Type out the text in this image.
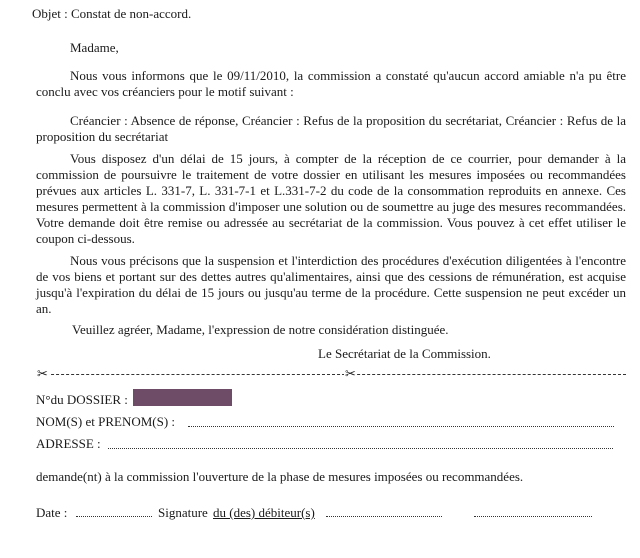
Objet : Constat de non-accord.

Madame,

Nous vous informons que le 09/11/2010, la commission a constaté qu'aucun accord amiable n'a pu être conclu avec vos créanciers pour le motif suivant :

Créancier : Absence de réponse, Créancier : Refus de la proposition du secrétariat, Créancier : Refus de la proposition du secrétariat

Vous disposez d'un délai de 15 jours, à compter de la réception de ce courrier, pour demander à la commission de poursuivre le traitement de votre dossier en utilisant les mesures imposées ou recommandées prévues aux articles L. 331-7, L. 331-7-1 et L.331-7-2 du code de la consommation reproduits en annexe. Ces mesures permettent à la commission d'imposer une solution ou de soumettre au juge des mesures recommandées. Votre demande doit être remise ou adressée au secrétariat de la commission. Vous pouvez à cet effet utiliser le coupon ci-dessous.

Nous vous précisons que la suspension et l'interdiction des procédures d'exécution diligentées à l'encontre de vos biens et portant sur des dettes autres qu'alimentaires, ainsi que des cessions de rémunération, est acquise jusqu'à l'expiration du délai de 15 jours ou jusqu'au terme de la procédure. Cette suspension ne peut excéder un an.

Veuillez agréer, Madame, l'expression de notre considération distinguée.

Le Secrétariat de la Commission.

✂	✂
N°du DOSSIER :
NOM(S) et PRENOM(S) :
ADRESSE :

demande(nt) à la commission l'ouverture de la phase de mesures imposées ou recommandées.

Date :	Signature du (des) débiteur(s)
